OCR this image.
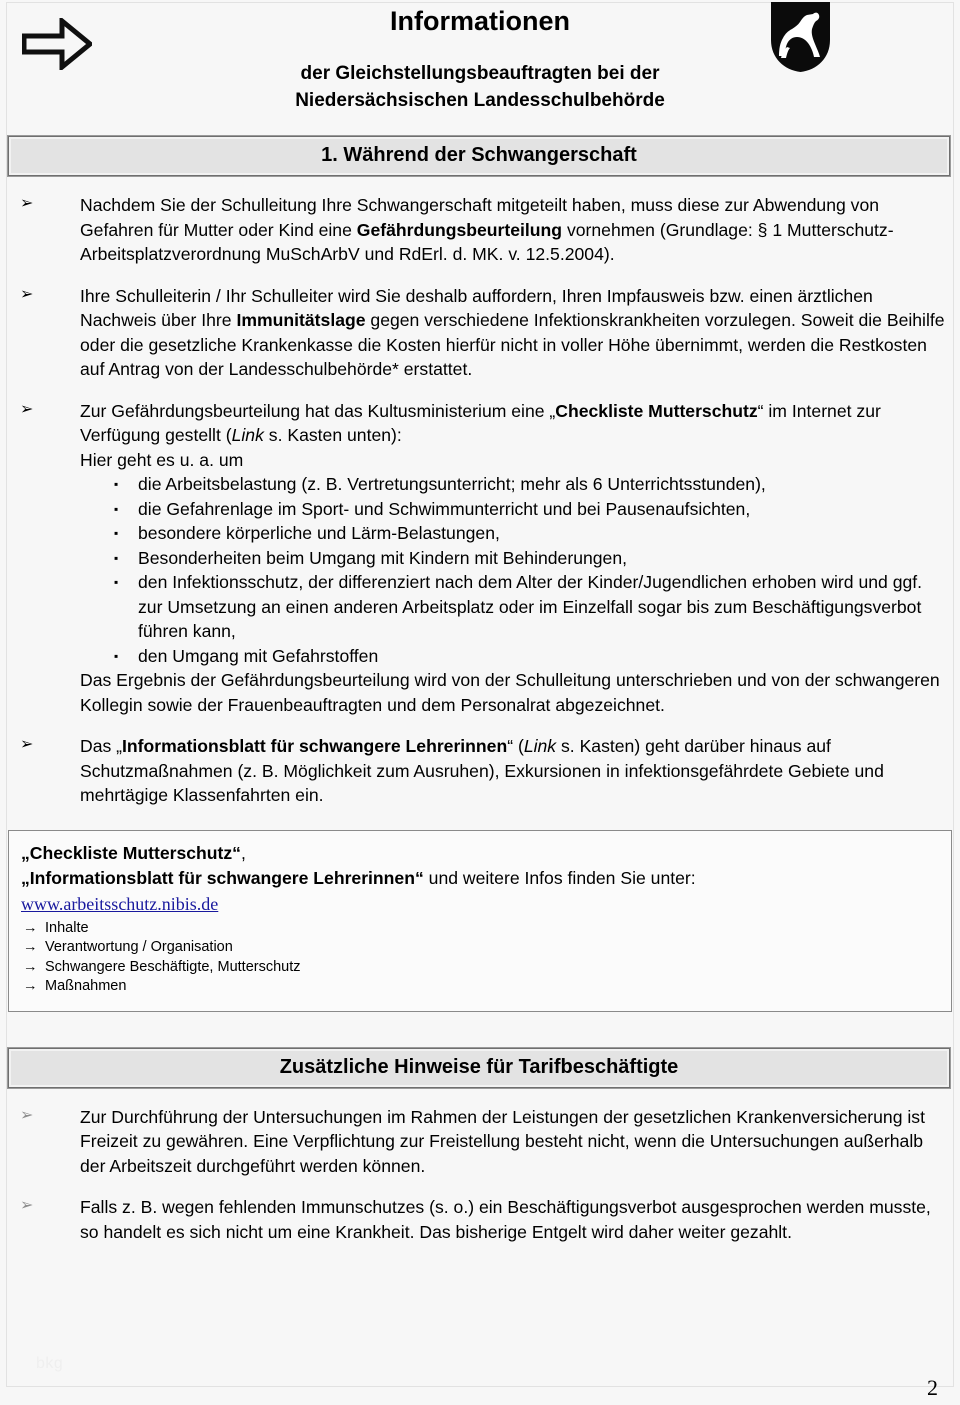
Informationen
der Gleichstellungsbeauftragten bei der
Niedersächsischen Landesschulbehörde
1. Während der Schwangerschaft
➢	Nachdem Sie der Schulleitung Ihre Schwangerschaft mitgeteilt haben, muss diese zur Abwendung von Gefahren für Mutter oder Kind eine Gefährdungsbeurteilung vornehmen (Grundlage: § 1 Mutterschutz-Arbeitsplatzverordnung MuSchArbV und RdErl. d. MK. v. 12.5.2004).

➢	Ihre Schulleiterin / Ihr Schulleiter wird Sie deshalb auffordern, Ihren Impfausweis bzw. einen ärztlichen Nachweis über Ihre Immunitätslage gegen verschiedene Infektionskrankheiten vorzulegen. Soweit die Beihilfe oder die gesetzliche Krankenkasse die Kosten hierfür nicht in voller Höhe übernimmt, werden die Restkosten auf Antrag von der Landesschulbehörde* erstattet.

➢	Zur Gefährdungsbeurteilung hat das Kultusministerium eine „Checkliste Mutterschutz“ im Internet zur Verfügung gestellt (Link s. Kasten unten):

Hier geht es u. a. um

▪ die Arbeitsbelastung (z. B. Vertretungsunterricht; mehr als 6 Unterrichtsstunden),
▪ die Gefahrenlage im Sport- und Schwimmunterricht und bei Pausenaufsichten,
▪ besondere körperliche und Lärm-Belastungen,
▪ Besonderheiten beim Umgang mit Kindern mit Behinderungen,
▪ den Infektionsschutz, der differenziert nach dem Alter der Kinder/Jugendlichen erhoben wird und ggf. zur Umsetzung an einen anderen Arbeitsplatz oder im Einzelfall sogar bis zum Beschäftigungsverbot führen kann,
▪ den Umgang mit Gefahrstoffen

Das Ergebnis der Gefährdungsbeurteilung wird von der Schulleitung unterschrieben und von der schwangeren Kollegin sowie der Frauenbeauftragten und dem Personalrat abgezeichnet.

➢	Das „Informationsblatt für schwangere Lehrerinnen“ (Link s. Kasten) geht darüber hinaus auf Schutzmaßnahmen (z. B. Möglichkeit zum Ausruhen), Exkursionen in infektionsgefährdete Gebiete und mehrtägige Klassenfahrten ein.

„Checkliste Mutterschutz“,
„Informationsblatt für schwangere Lehrerinnen“ und weitere Infos finden Sie unter:
www.arbeitsschutz.nibis.de
→ Inhalte
→ Verantwortung / Organisation
→ Schwangere Beschäftigte, Mutterschutz
→ Maßnahmen
Zusätzliche Hinweise für Tarifbeschäftigte
➢	Zur Durchführung der Untersuchungen im Rahmen der Leistungen der gesetzlichen Krankenversicherung ist Freizeit zu gewähren. Eine Verpflichtung zur Freistellung besteht nicht, wenn die Untersuchungen außerhalb der Arbeitszeit durchgeführt werden können.

➢	Falls z. B. wegen fehlenden Immunschutzes (s. o.) ein Beschäftigungsverbot ausgesprochen werden musste, so handelt es sich nicht um eine Krankheit. Das bisherige Entgelt wird daher weiter gezahlt.

bkg
2
